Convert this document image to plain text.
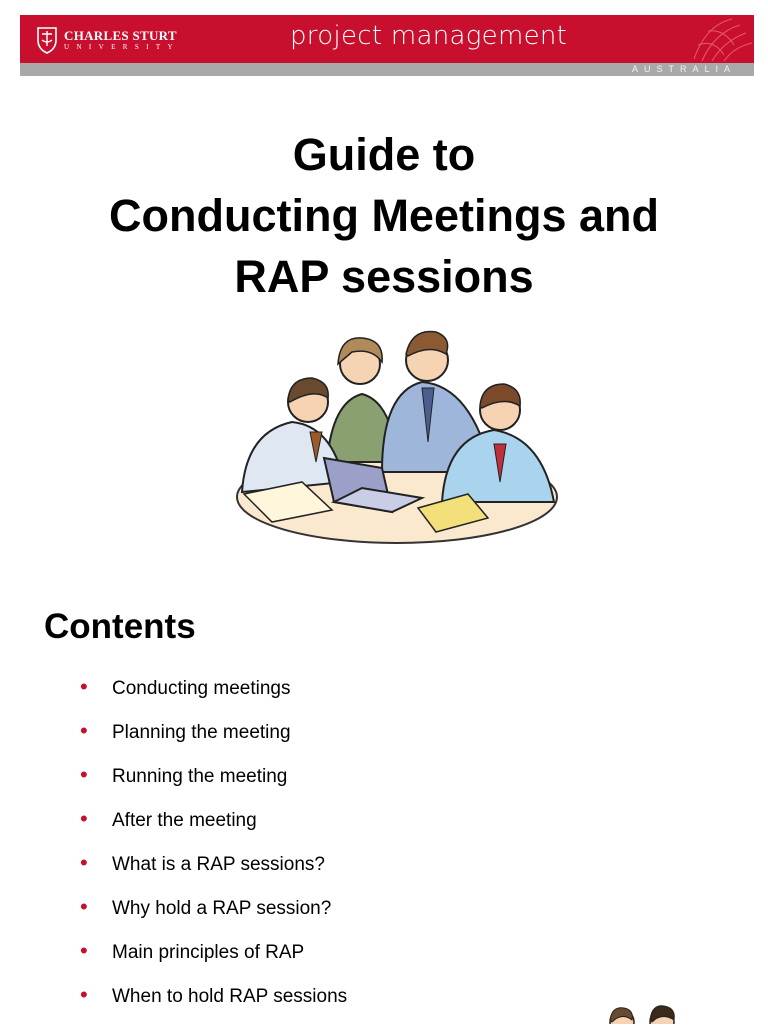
CHARLES STURT
UNIVERSITY	project management
AUSTRALIA
Guide to
Conducting Meetings and
RAP sessions
Contents
• Conducting meetings
• Planning the meeting
• Running the meeting
• After the meeting
• What is a RAP sessions?
• Why hold a RAP session?
• Main principles of RAP
• When to hold RAP sessions
